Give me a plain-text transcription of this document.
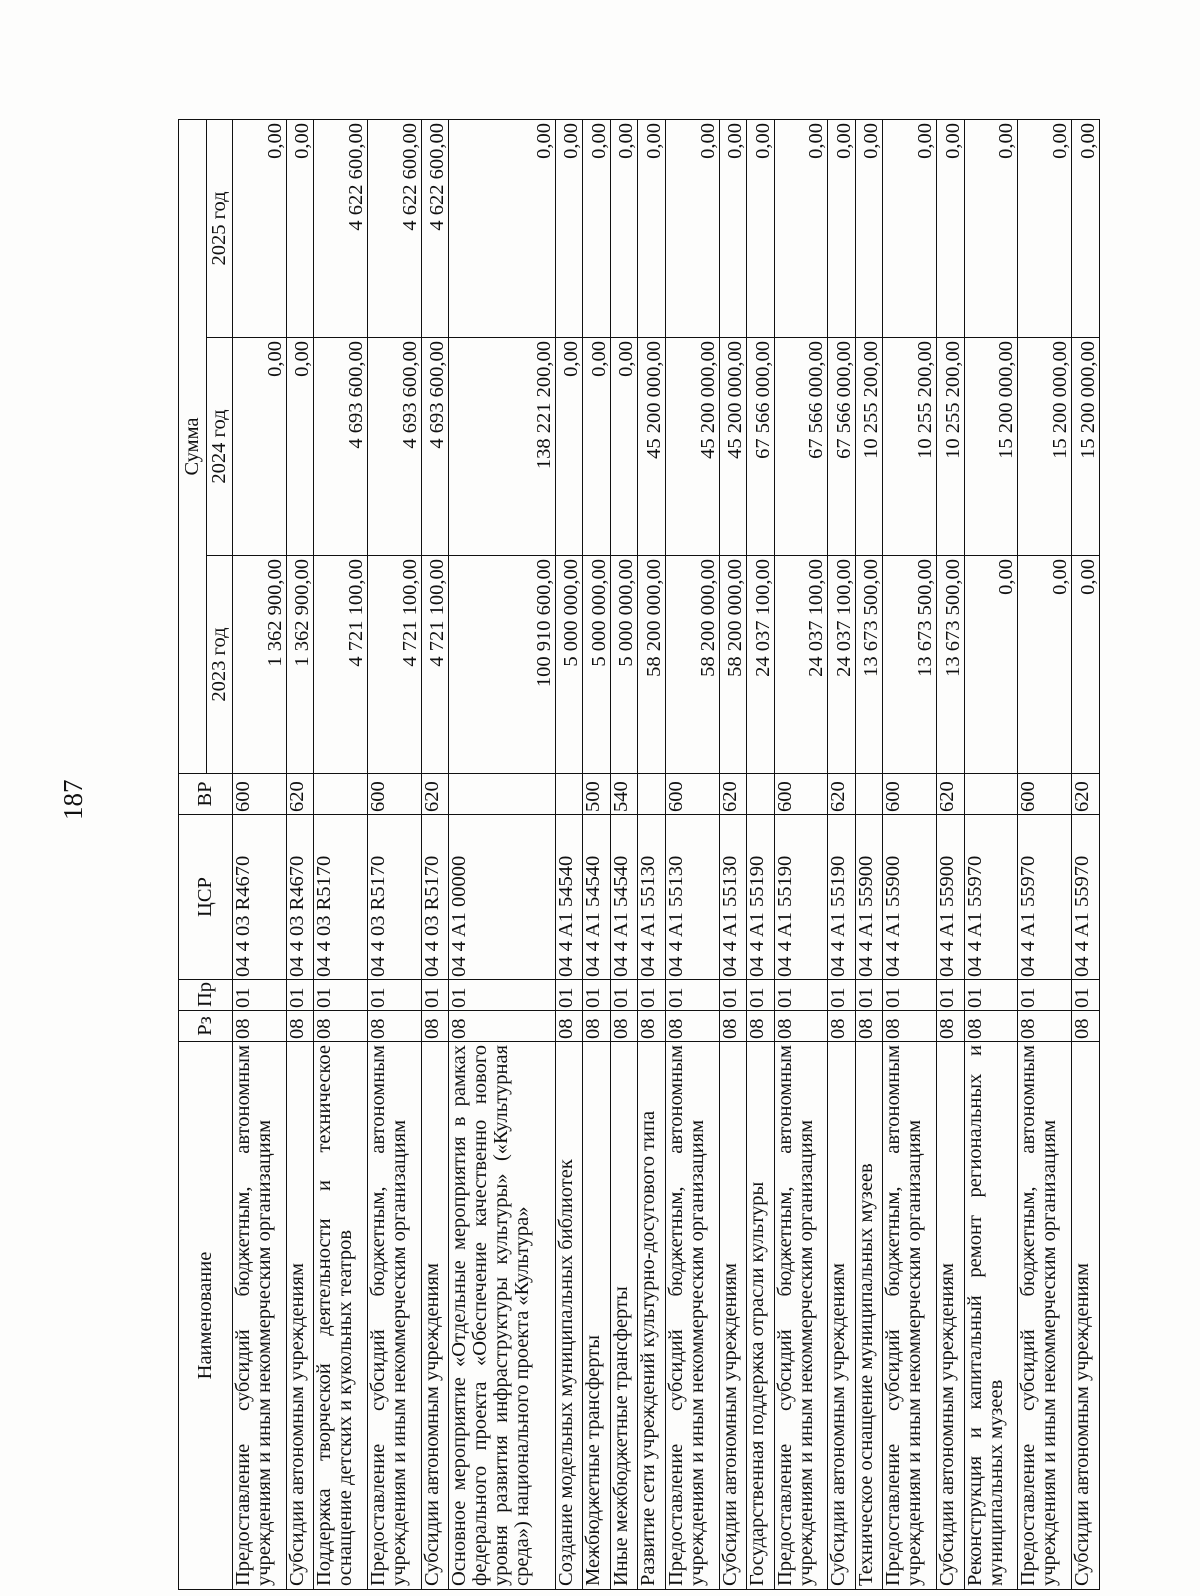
187
Наименование	Рз	Пр	ЦСР	ВР	Сумма		
					2023 год	2024 год	2025 год
Предоставление субсидий бюджетным, автономным учреждениям и иным некоммерческим организациям	08	01	04 4 03 R4670	600	1 362 900,00	0,00	0,00
Субсидии автономным учреждениям	08	01	04 4 03 R4670	620	1 362 900,00	0,00	0,00
Поддержка творческой деятельности и техническое оснащение детских и кукольных театров	08	01	04 4 03 R5170		4 721 100,00	4 693 600,00	4 622 600,00
Предоставление субсидий бюджетным, автономным учреждениям и иным некоммерческим организациям	08	01	04 4 03 R5170	600	4 721 100,00	4 693 600,00	4 622 600,00
Субсидии автономным учреждениям	08	01	04 4 03 R5170	620	4 721 100,00	4 693 600,00	4 622 600,00
Основное мероприятие «Отдельные мероприятия в рамках федерального проекта «Обеспечение качественно нового уровня развития инфраструктуры культуры» («Культурная среда») национального проекта «Культура»	08	01	04 4 A1 00000		100 910 600,00	138 221 200,00	0,00
Создание модельных муниципальных библиотек	08	01	04 4 A1 54540		5 000 000,00	0,00	0,00
Межбюджетные трансферты	08	01	04 4 A1 54540	500	5 000 000,00	0,00	0,00
Иные межбюджетные трансферты	08	01	04 4 A1 54540	540	5 000 000,00	0,00	0,00
Развитие сети учреждений культурно-досугового типа	08	01	04 4 A1 55130		58 200 000,00	45 200 000,00	0,00
Предоставление субсидий бюджетным, автономным учреждениям и иным некоммерческим организациям	08	01	04 4 A1 55130	600	58 200 000,00	45 200 000,00	0,00
Субсидии автономным учреждениям	08	01	04 4 A1 55130	620	58 200 000,00	45 200 000,00	0,00
Государственная поддержка отрасли культуры	08	01	04 4 A1 55190		24 037 100,00	67 566 000,00	0,00
Предоставление субсидий бюджетным, автономным учреждениям и иным некоммерческим организациям	08	01	04 4 A1 55190	600	24 037 100,00	67 566 000,00	0,00
Субсидии автономным учреждениям	08	01	04 4 A1 55190	620	24 037 100,00	67 566 000,00	0,00
Техническое оснащение муниципальных музеев	08	01	04 4 A1 55900		13 673 500,00	10 255 200,00	0,00
Предоставление субсидий бюджетным, автономным учреждениям и иным некоммерческим организациям	08	01	04 4 A1 55900	600	13 673 500,00	10 255 200,00	0,00
Субсидии автономным учреждениям	08	01	04 4 A1 55900	620	13 673 500,00	10 255 200,00	0,00
Реконструкция и капитальный ремонт региональных и муниципальных музеев	08	01	04 4 A1 55970		0,00	15 200 000,00	0,00
Предоставление субсидий бюджетным, автономным учреждениям и иным некоммерческим организациям	08	01	04 4 A1 55970	600	0,00	15 200 000,00	0,00
Субсидии автономным учреждениям	08	01	04 4 A1 55970	620	0,00	15 200 000,00	0,00
